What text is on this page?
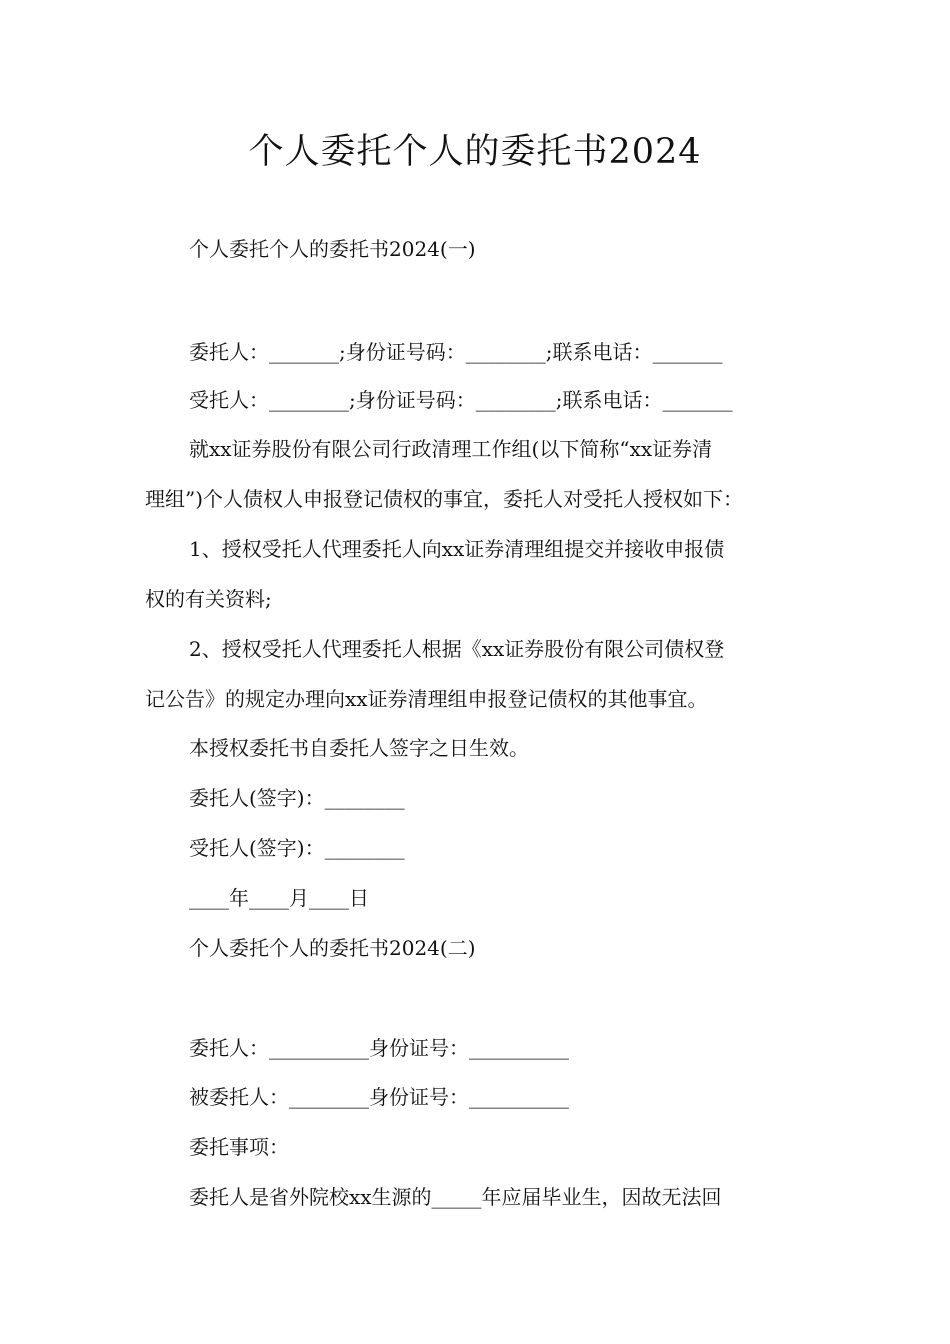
个人委托个人的委托书2024

个人委托个人的委托书2024(一)

委托人：_______;身份证号码：________;联系电话：_______

受托人：________;身份证号码：________;联系电话：_______

就xx证券股份有限公司行政清理工作组(以下简称“xx证券清

理组”)个人债权人申报登记债权的事宜，委托人对受托人授权如下：

1、授权受托人代理委托人向xx证券清理组提交并接收申报债

权的有关资料;

2、授权受托人代理委托人根据《xx证券股份有限公司债权登

记公告》的规定办理向xx证券清理组申报登记债权的其他事宜。

本授权委托书自委托人签字之日生效。

委托人(签字)：________

受托人(签字)：________

____年____月____日

个人委托个人的委托书2024(二)

委托人：__________身份证号：__________

被委托人：________身份证号：__________

委托事项：

委托人是省外院校xx生源的_____年应届毕业生，因故无法回
